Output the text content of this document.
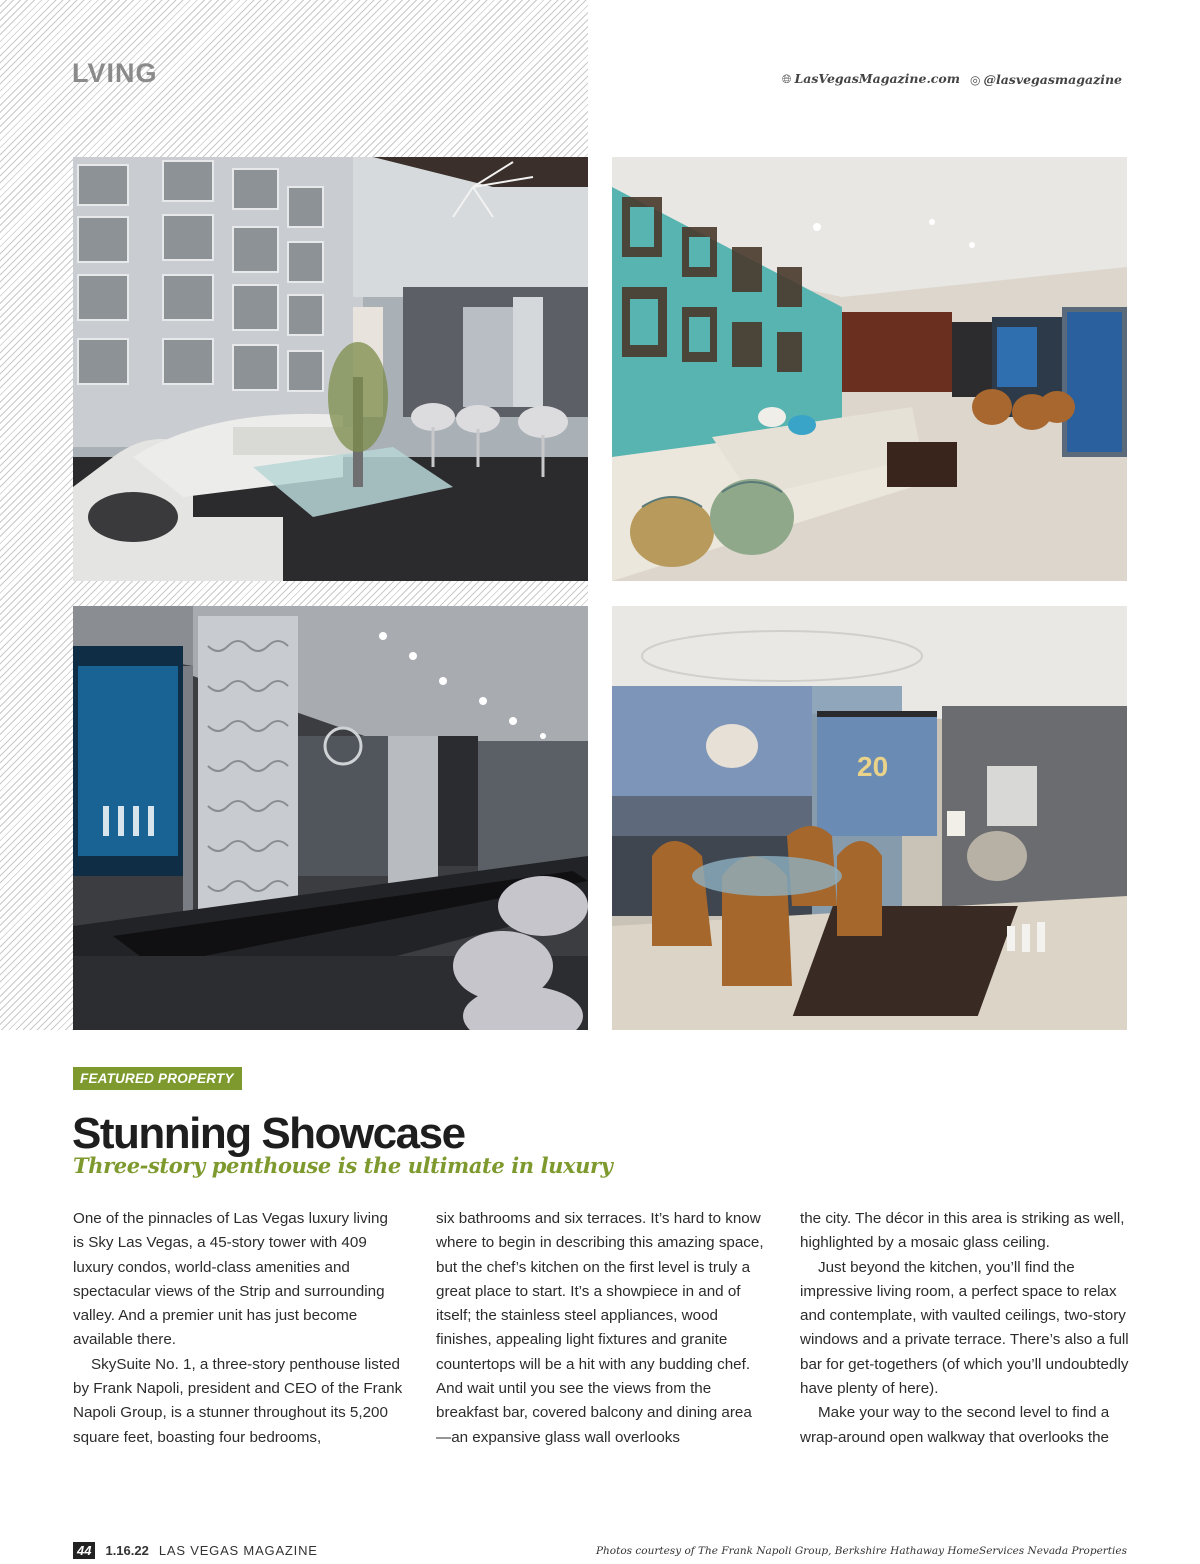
LVING	🌐︎ LasVegasMagazine.com ◎ @lasvegasmagazine
20
FEATURED PROPERTY
Stunning Showcase
Three-story penthouse is the ultimate in luxury

One of the pinnacles of Las Vegas luxury living is Sky Las Vegas, a 45-story tower with 409 luxury condos, world-class amenities and spectacular views of the Strip and surrounding valley. And a premier unit has just become available there.

SkySuite No. 1, a three-story penthouse listed by Frank Napoli, president and CEO of the Frank Napoli Group, is a stunner throughout its 5,200 square feet, boasting four bedrooms,

six bathrooms and six terraces. It’s hard to know where to begin in describing this amazing space, but the chef’s kitchen on the first level is truly a great place to start. It’s a showpiece in and of itself; the stainless steel appliances, wood finishes, appealing light fixtures and granite countertops will be a hit with any budding chef. And wait until you see the views from the breakfast bar, covered balcony and dining area—an expansive glass wall overlooks

the city. The décor in this area is striking as well, highlighted by a mosaic glass ceiling.

Just beyond the kitchen, you’ll find the impressive living room, a perfect space to relax and contemplate, with vaulted ceilings, two-story windows and a private terrace. There’s also a full bar for get-togethers (of which you’ll undoubtedly have plenty of here).

Make your way to the second level to find a wrap-around open walkway that overlooks the

44	1.16.22 LAS VEGAS MAGAZINE	Photos courtesy of The Frank Napoli Group, Berkshire Hathaway HomeServices Nevada Properties
